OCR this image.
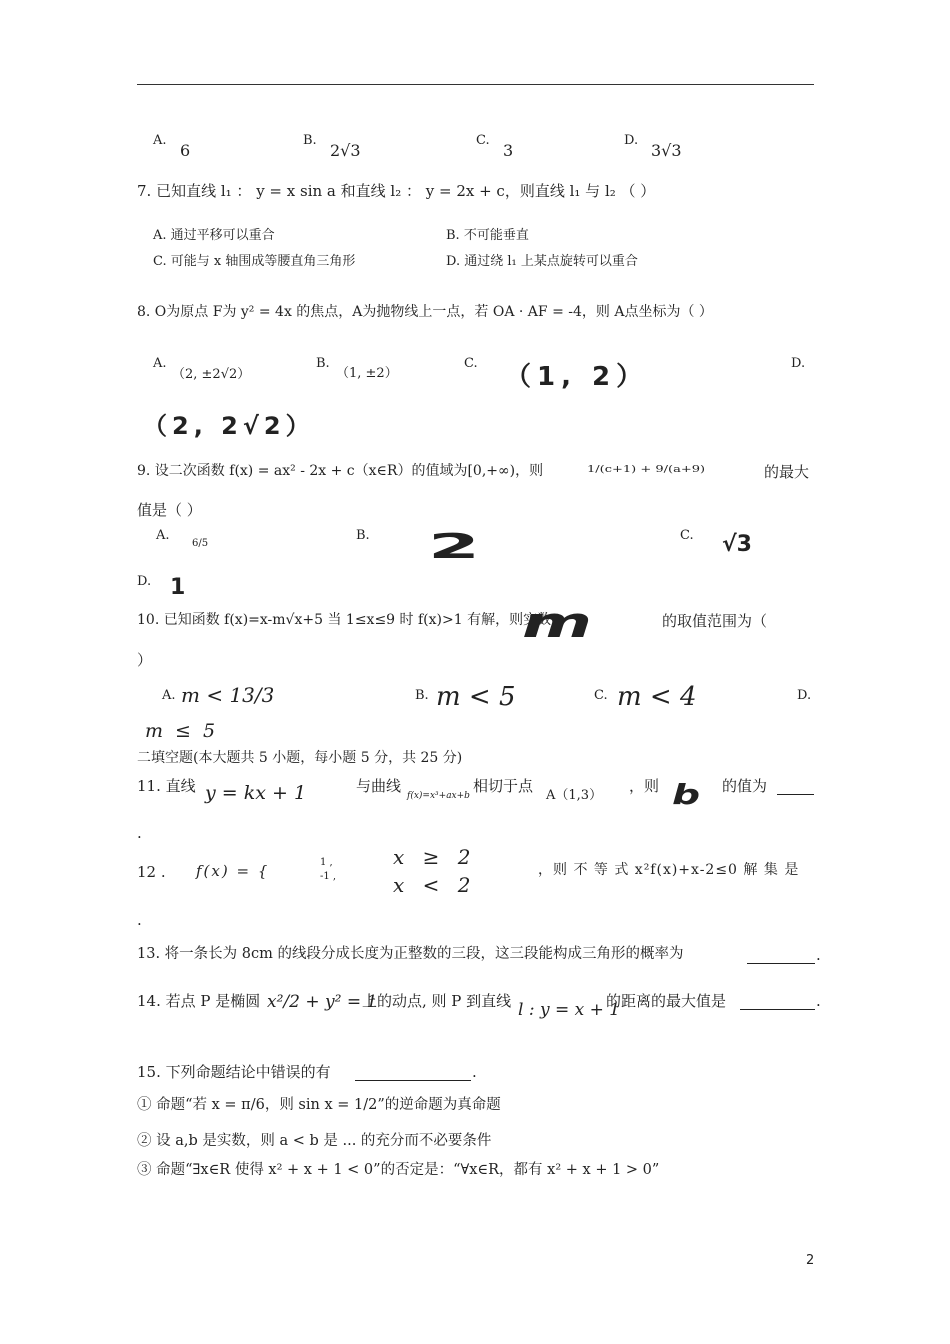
A.
6
B.
2√3
C.
3
D.
3√3
7. 已知直线 l₁ ： y = x sin a 和直线 l₂ ： y = 2x + c，则直线 l₁ 与 l₂ （ ）
A. 通过平移可以重合	B. 不可能垂直
C. 可能与 x 轴围成等腰直角三角形	D. 通过绕 l₁ 上某点旋转可以重合
8. O为原点 F为 y² = 4x 的焦点，A为抛物线上一点，若 OA · AF = -4，则 A点坐标为（ ）
A.
（2, ±2√2）
B.
（1, ±2）
C. （1, 2）	D.
（2, 2√2）
9. 设二次函数 f(x) = ax² - 2x + c（x∈R）的值域为[0,+∞)，则	1/(c+1) + 9/(a+9)	的最大
值是（ ）
A.
6/5
B. 2	C. √3
D. 1
10. 已知函数 f(x)=x-m√x+5 当 1≤x≤9 时 f(x)>1 有解，则实数
m	的取值范围为（
）
A. m < 13/3	B. m < 5	C. m < 4	D.
m ≤ 5
二填空题(本大题共 5 小题，每小题 5 分，共 25 分)
11. 直线 y = kx + 1	与曲线
f(x)=x³+ax+b
相切于点
A（1,3）
，则 b 的值为
.
12 . f(x) = {	1 ,
-1 ,
x ≥ 2
x < 2
，则 不 等 式 x²f(x)+x-2≤0 解 集 是
.
13. 将一条长为 8cm 的线段分成长度为正整数的三段，这三段能构成三角形的概率为	.
14. 若点 P 是椭圆 x²/2 + y² = 1
上的动点, 则 P 到直线 l : y = x + 1
的距离的最大值是	.
15. 下列命题结论中错误的有	.
① 命题“若 x = π/6，则 sin x = 1/2”的逆命题为真命题
② 设 a,b 是实数，则 a < b 是 ... 的充分而不必要条件
③ 命题“∃x∈R 使得 x² + x + 1 < 0”的否定是：“∀x∈R，都有 x² + x + 1 > 0”
2
